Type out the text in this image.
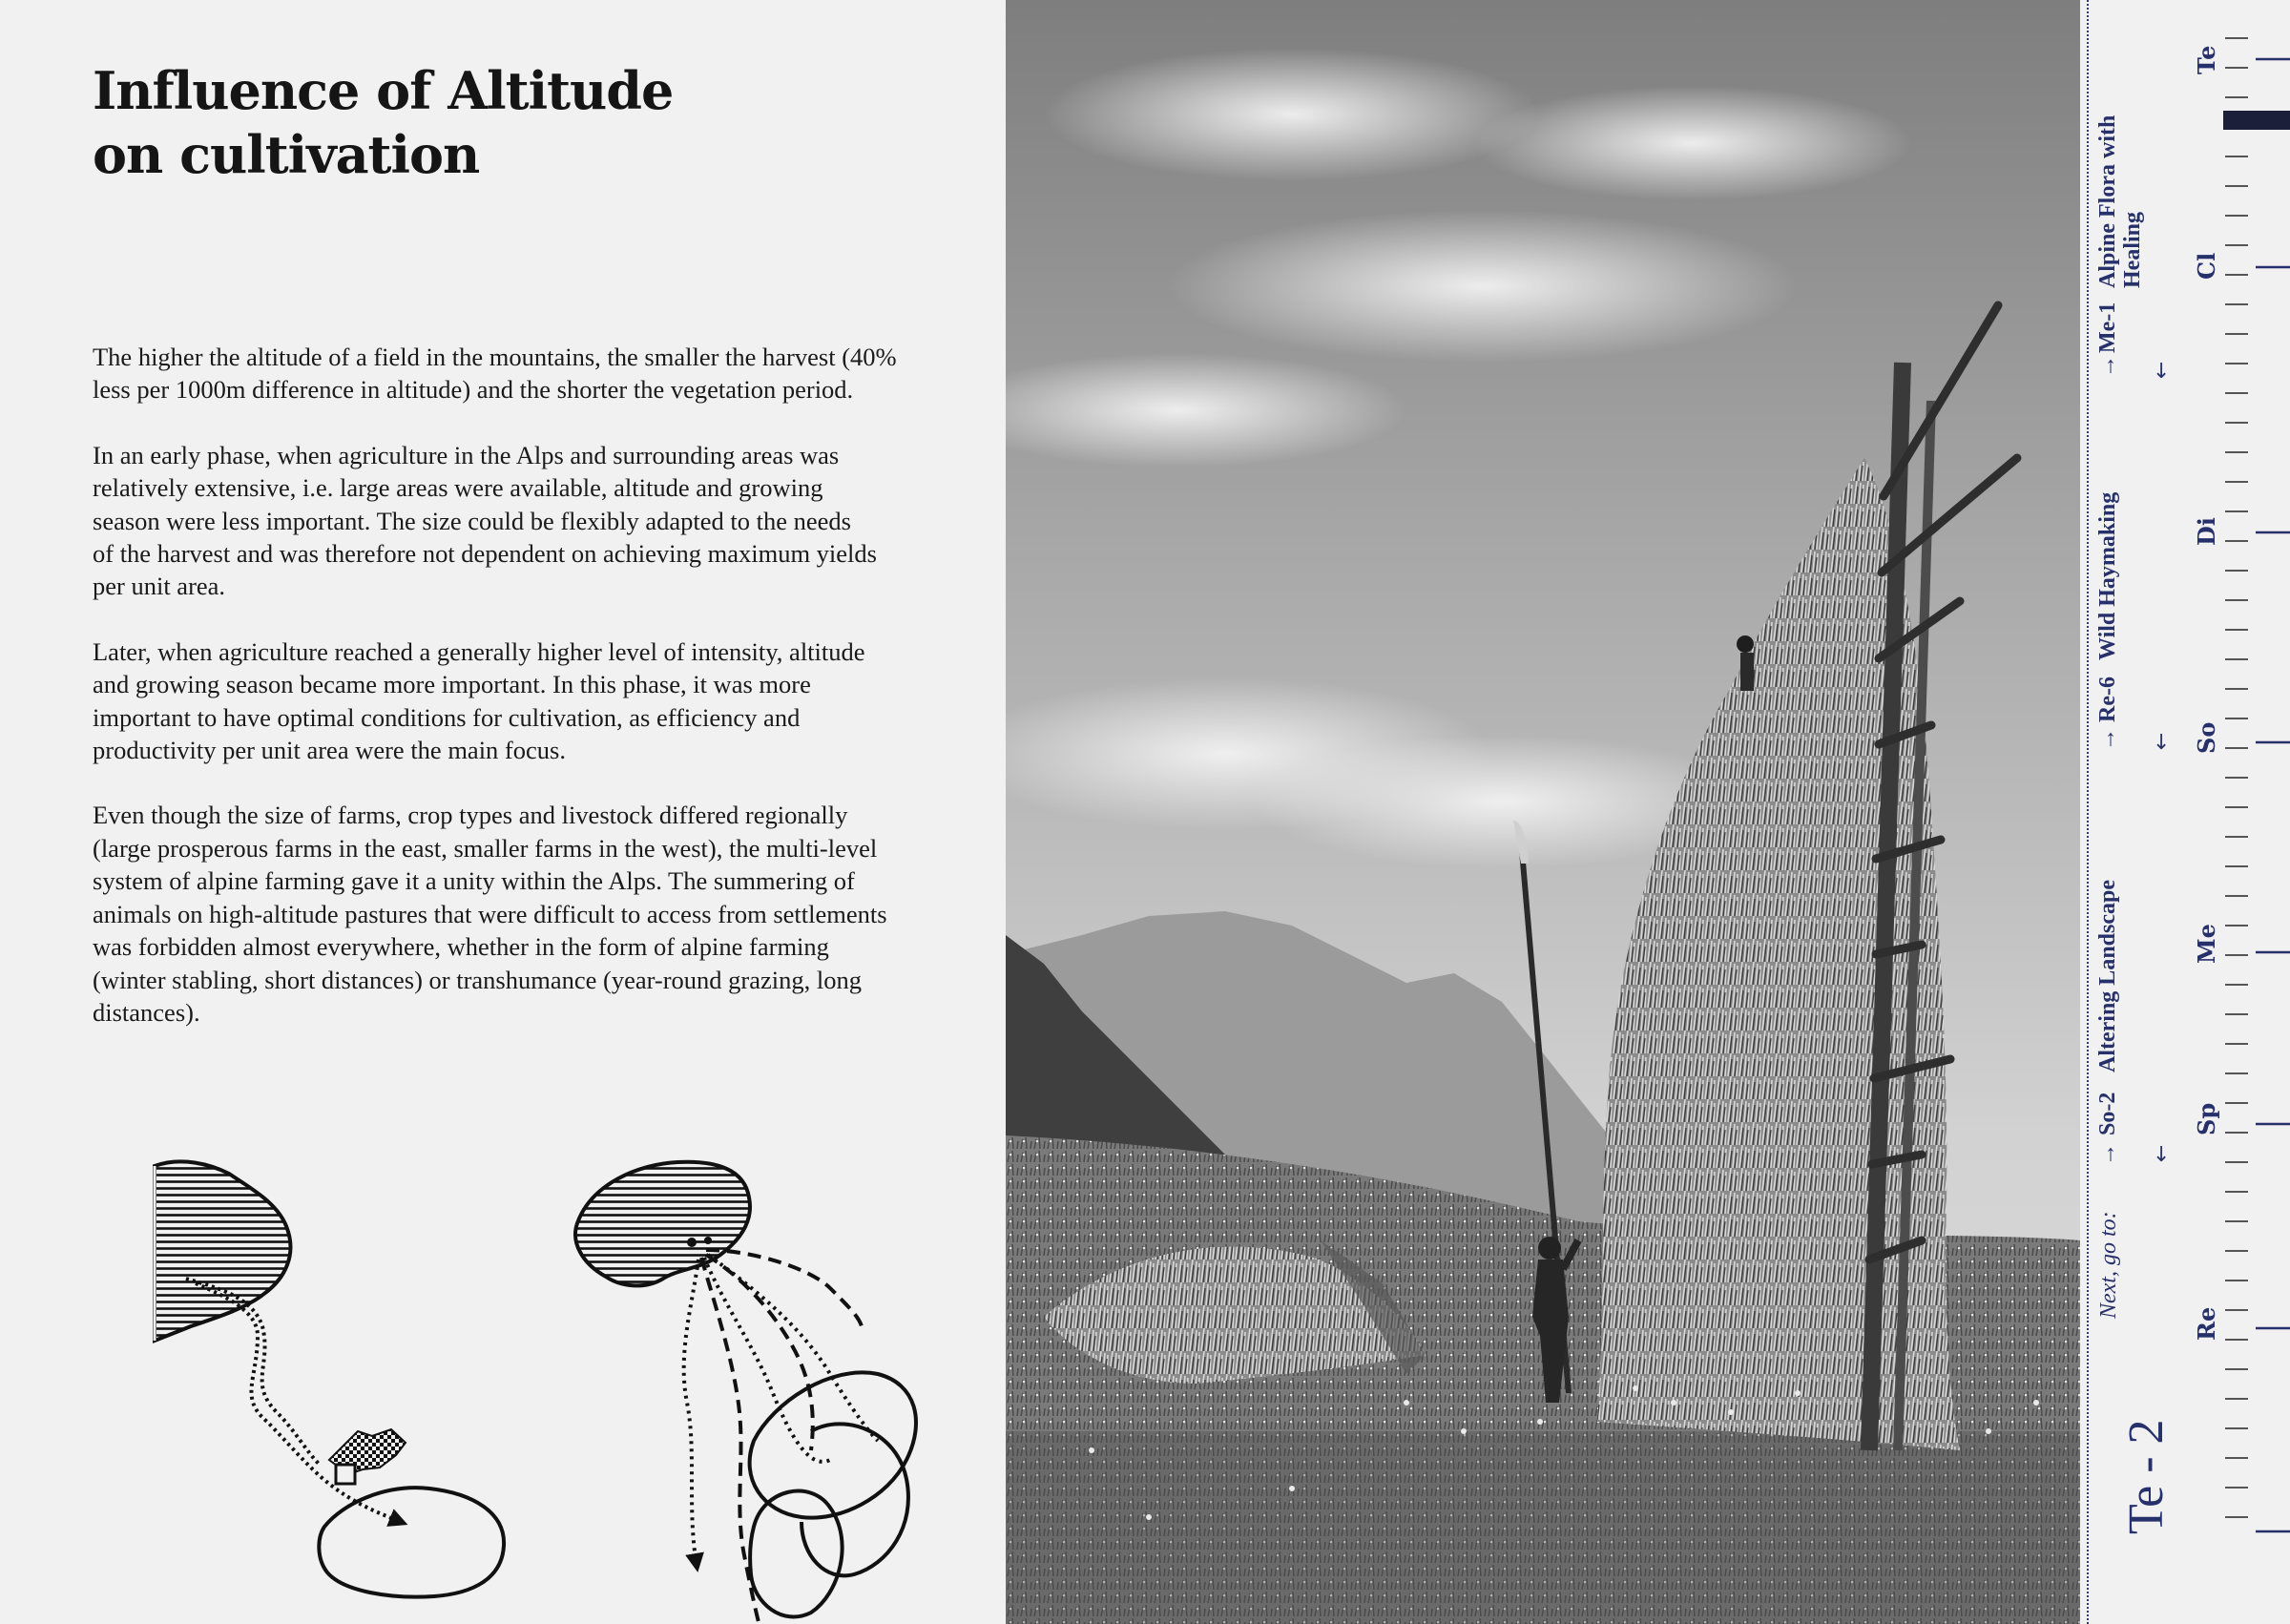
Influence of Altitude
on cultivation

The higher the altitude of a field in the mountains, the smaller the harvest (40%
less per 1000m difference in altitude) and the shorter the vegetation period.

In an early phase, when agriculture in the Alps and surrounding areas was
relatively extensive, i.e. large areas were available, altitude and growing
season were less important. The size could be flexibly adapted to the needs
of the harvest and was therefore not dependent on achieving maximum yields
per unit area.

Later, when agriculture reached a generally higher level of intensity, altitude
and growing season became more important. In this phase, it was more
important to have optimal conditions for cultivation, as efficiency and
productivity per unit area were the main focus.

Even though the size of farms, crop types and livestock differed regionally
(large prosperous farms in the east, smaller farms in the west), the multi-level
system of alpine farming gave it a unity within the Alps. The summering of
animals on high-altitude pastures that were difficult to access from settlements
was forbidden almost everywhere, whether in the form of alpine farming
(winter stabling, short distances) or transhumance (year-round grazing, long
distances).

Next, go to:
→
So-2
Altering Landscape
↓
→
Re-6
Wild Haymaking
↓
→
Me-1
Alpine Flora with Healing
↓
Te - 2
Te
Cl
Di
So
Me
Sp
Re
